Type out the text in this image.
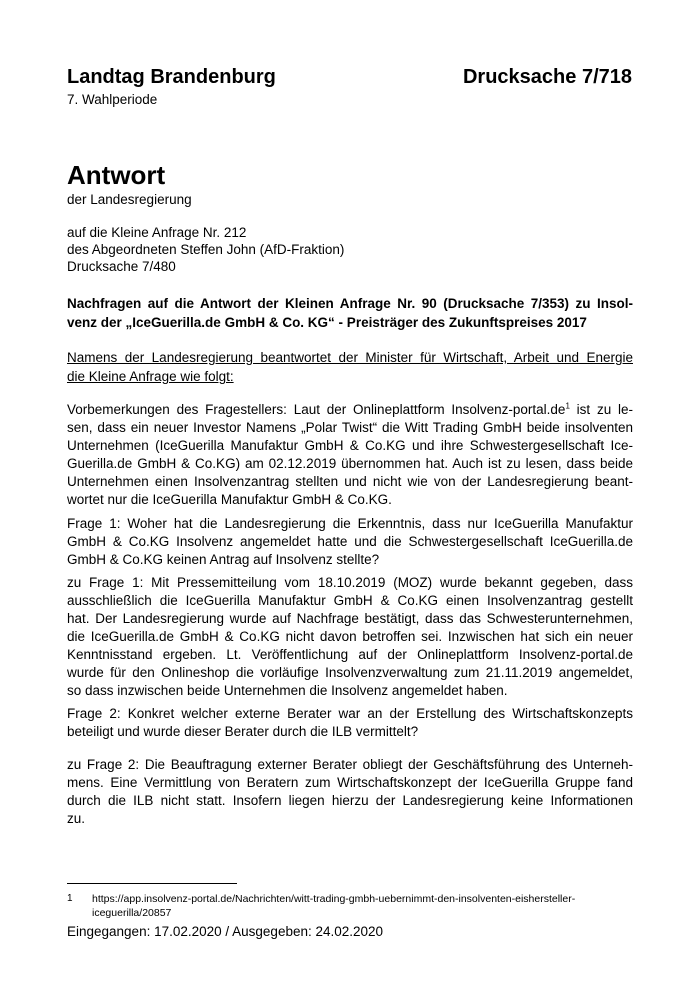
Landtag Brandenburg	Drucksache 7/718
7. Wahlperiode
Antwort
der Landesregierung
auf die Kleine Anfrage Nr. 212
des Abgeordneten Steffen John (AfD-Fraktion)
Drucksache 7/480
Nachfragen auf die Antwort der Kleinen Anfrage Nr. 90 (Drucksache 7/353) zu Insol-
venz der „IceGuerilla.de GmbH & Co. KG“ - Preisträger des Zukunftspreises 2017
Namens der Landesregierung beantwortet der Minister für Wirtschaft, Arbeit und Energie
die Kleine Anfrage wie folgt:
Vorbemerkungen des Fragestellers: Laut der Onlineplattform Insolvenz-$portal.de^1$ ist zu le-
sen, dass ein neuer Investor Namens „Polar Twist“ die Witt Trading GmbH beide insolventen
Unternehmen (IceGuerilla Manufaktur GmbH & Co.KG und ihre Schwestergesellschaft Ice-
Guerilla.de GmbH & Co.KG) am 02.12.2019 übernommen hat. Auch ist zu lesen, dass beide
Unternehmen einen Insolvenzantrag stellten und nicht wie von der Landesregierung beant-
wortet nur die IceGuerilla Manufaktur GmbH & Co.KG.
Frage 1: Woher hat die Landesregierung die Erkenntnis, dass nur IceGuerilla Manufaktur
GmbH & Co.KG Insolvenz angemeldet hatte und die Schwestergesellschaft IceGuerilla.de
GmbH & Co.KG keinen Antrag auf Insolvenz stellte?
zu Frage 1: Mit Pressemitteilung vom 18.10.2019 (MOZ) wurde bekannt gegeben, dass
ausschließlich die IceGuerilla Manufaktur GmbH & Co.KG einen Insolvenzantrag gestellt
hat. Der Landesregierung wurde auf Nachfrage bestätigt, dass das Schwesterunternehmen,
die IceGuerilla.de GmbH & Co.KG nicht davon betroffen sei. Inzwischen hat sich ein neuer
Kenntnisstand ergeben. Lt. Veröffentlichung auf der Onlineplattform Insolvenz-portal.de
wurde für den Onlineshop die vorläufige Insolvenzverwaltung zum 21.11.2019 angemeldet,
so dass inzwischen beide Unternehmen die Insolvenz angemeldet haben.
Frage 2: Konkret welcher externe Berater war an der Erstellung des Wirtschaftskonzepts
beteiligt und wurde dieser Berater durch die ILB vermittelt?
zu Frage 2: Die Beauftragung externer Berater obliegt der Geschäftsführung des Unterneh-
mens. Eine Vermittlung von Beratern zum Wirtschaftskonzept der IceGuerilla Gruppe fand
durch die ILB nicht statt. Insofern liegen hierzu der Landesregierung keine Informationen
zu.
1 https://app.insolvenz-portal.de/Nachrichten/witt-trading-gmbh-uebernimmt-den-insolventen-eishersteller-
iceguerilla/20857
Eingegangen: 17.02.2020 / Ausgegeben: 24.02.2020
